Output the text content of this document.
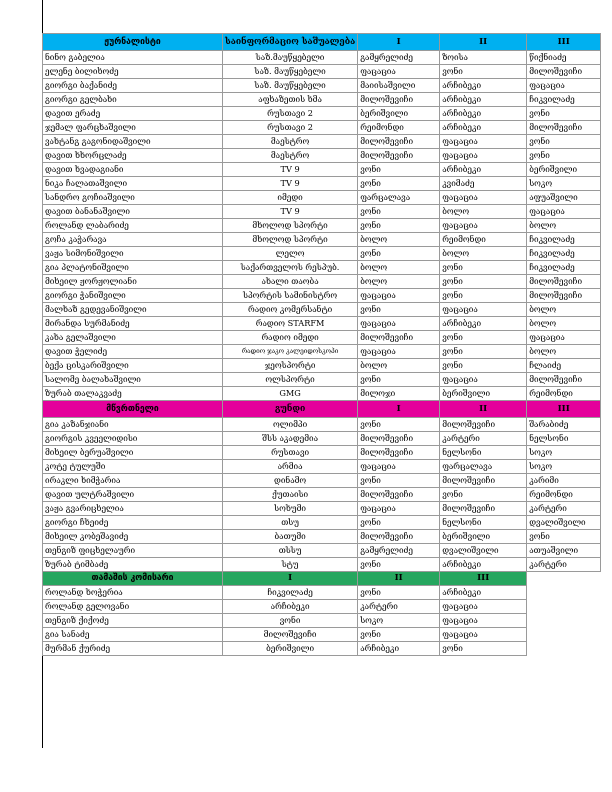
ჟურნალისტი	საინფორმაციო საშუალება	I	II	III
ნინო გაბელია	საზ.მაუწყებელი	გამყრელიძე	ზოისა	წიქნიაძე
ელენე ბილიხოძე	საზ. მაუწყებელი	ფაცაცია	ვონი	მილოშევიჩი
გიორგი ბაქანიძე	საზ. მაუწყებელი	მაიისაშვილი	არჩიბეკი	ფაცაცია
გიორგი გელბახი	აფხაზეთის ხმა	მილოშევიჩი	არჩიბეკი	ჩიკვილაძე
დავით ერაძე	რუსთავი 2	ბერიშვილი	არჩიბეკი	ვონი
ჯემალ ფარცხაშვილი	რუსთავი 2	რეიმონდი	არჩიბეკი	მილოშევიჩი
ვახტანგ გაგონიდაშვილი	მაესტრო	მილოშევიჩი	ფაცაცია	ვონი
დავით ხხორცლაძე	მაესტრო	მილოშევიჩი	ფაცაცია	ვონი
დავით ხვადაგიანი	TV 9	ვონი	არჩიბეკი	ბერიშვილი
ნიკა ჩალათაშვილი	TV 9	ვონი	კვიმაძე	სოკო
სანდრო გოჩიაშვილი	იმედი	ფარცალავა	ფაცაცია	აფუაშვილი
დავით ბანანაშვილი	TV 9	ვონი	ბოლო	ფაცაცია
როლანდ ლაბარიძე	მხოლოდ სპორტი	ვონი	ფაცაცია	ბოლო
გოჩა კაჭარავა	მხოლოდ სპორტი	ბოლო	რეიმონდი	ჩიკვილაძე
ვაჟა სიმონიშვილი	ლელო	ვონი	ბოლო	ჩიკვილაძე
გია პლატონიშვილი	საქართველოს რესპუბ.	ბოლო	ვონი	ჩიკვილაძე
მიხეილ ჟორჟოლიანი	ახალი თაობა	ბოლო	ვონი	მილოშევიჩი
გიორგი ჭანიშვილი	სპორტის სამინისტრო	ფაცაცია	ვონი	მილოშევიჩი
მალხაზ გედევანიშვილი	რადიო კომერსანტი	ვონი	ფაცაცია	ბოლო
მირანდა სურმანიძე	რადიო STARFM	ფაცაცია	არჩიბეკი	ბოლო
კახა გელაშვილი	რადიო იმედი	მილოშევიჩი	ვონი	ფაცაცია
დავით ჭელიძე	რადიო ჯაკო კალეიდოსკოპი	ფაცაცია	ვონი	ბოლო
ბექა ცისკარიშვილი	ჯეოსპორტი	ბოლო	ვონი	ჩლაიძე
სალომე ბალახაშვილი	ოლსპორტი	ვონი	ფაცაცია	მილოშევიჩი
ზურაბ თალაკვაძე	GMG	მილოჯი	ბერიშვილი	რეიმონდი
მწვრთნელი	გუნდი	I	II	III
გია კაზანჯიანი	ოლიმპი	ვონი	მილოშევიჩი	შარაბიძე
გიორგის კვეელიდისი	შსს აკადემია	მილოშევიჩი	კარტერი	ნელსონი
მიხეილ ბერუაშვილი	რუსთავი	მილოშევიჩი	ნელსონი	სოკო
კოტე ტულუში	არმია	ფაცაცია	ფარცალავა	სოკო
ირაკლი ხიმჭარია	დინამო	ვონი	მილოშევიჩი	კარიმი
დავით ულტრაშვილი	ქუთაისი	მილოშევიჩი	ვონი	რეიმონდი
ვაჟა გვარიცხელია	სოხუმი	ფაცაცია	მილოშევიჩი	კარტერი
გიორგი ჩხეიძე	თსუ	ვონი	ნელსონი	დვალიშვილი
მიხეილ კობეშავიძე	ბათუმი	მილოშევიჩი	ბერიშვილი	ვონი
თენგიზ ფიცხელაური	თსსუ	გამყრელიძე	დვალიშვილი	ათუაშვილი
ზურაბ ტიმბაძე	სტუ	ვონი	არჩიბეკი	კარტერი
თამაშის კომისარი	I	II	III	
როლანდ ხოჭერია	ჩიკვილაძე	ვონი	არჩიბეკი	
როლანდ გელოვანი	არჩიბეკი	კარტერი	ფაცაცია	
თენგიზ ქიქოძე	ვონი	სოკო	ფაცაცია	
გია სანაძე	მილოშევიჩი	ვონი	ფაცაცია	
მურმან ქურიძე	ბერიშვილი	არჩიბეკი	ვონი	
